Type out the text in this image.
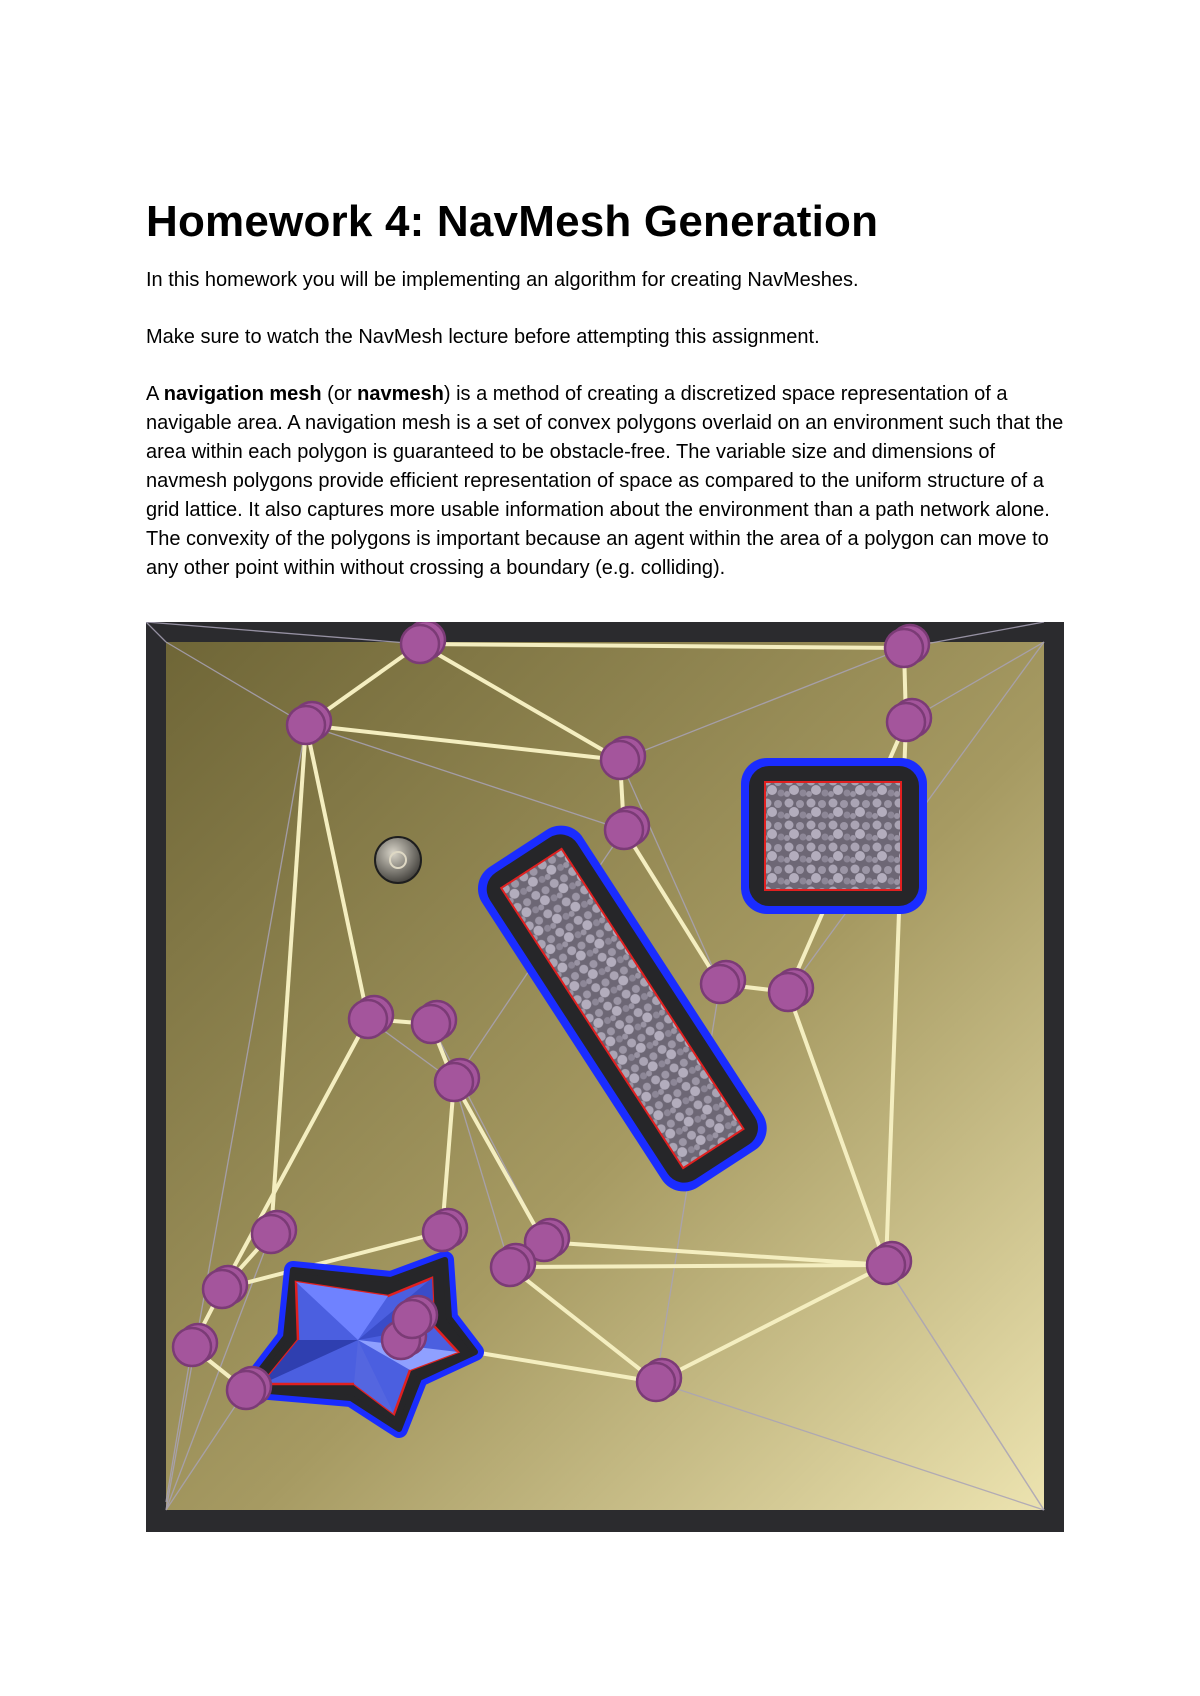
Homework 4: NavMesh Generation

In this homework you will be implementing an algorithm for creating NavMeshes.

Make sure to watch the NavMesh lecture before attempting this assignment.

A navigation mesh (or navmesh) is a method of creating a discretized space representation of a navigable area. A navigation mesh is a set of convex polygons overlaid on an environment such that the area within each polygon is guaranteed to be obstacle-free. The variable size and dimensions of navmesh polygons provide efficient representation of space as compared to the uniform structure of a grid lattice. It also captures more usable information about the environment than a path network alone. The convexity of the polygons is important because an agent within the area of a polygon can move to any other point within without crossing a boundary (e.g. colliding).
